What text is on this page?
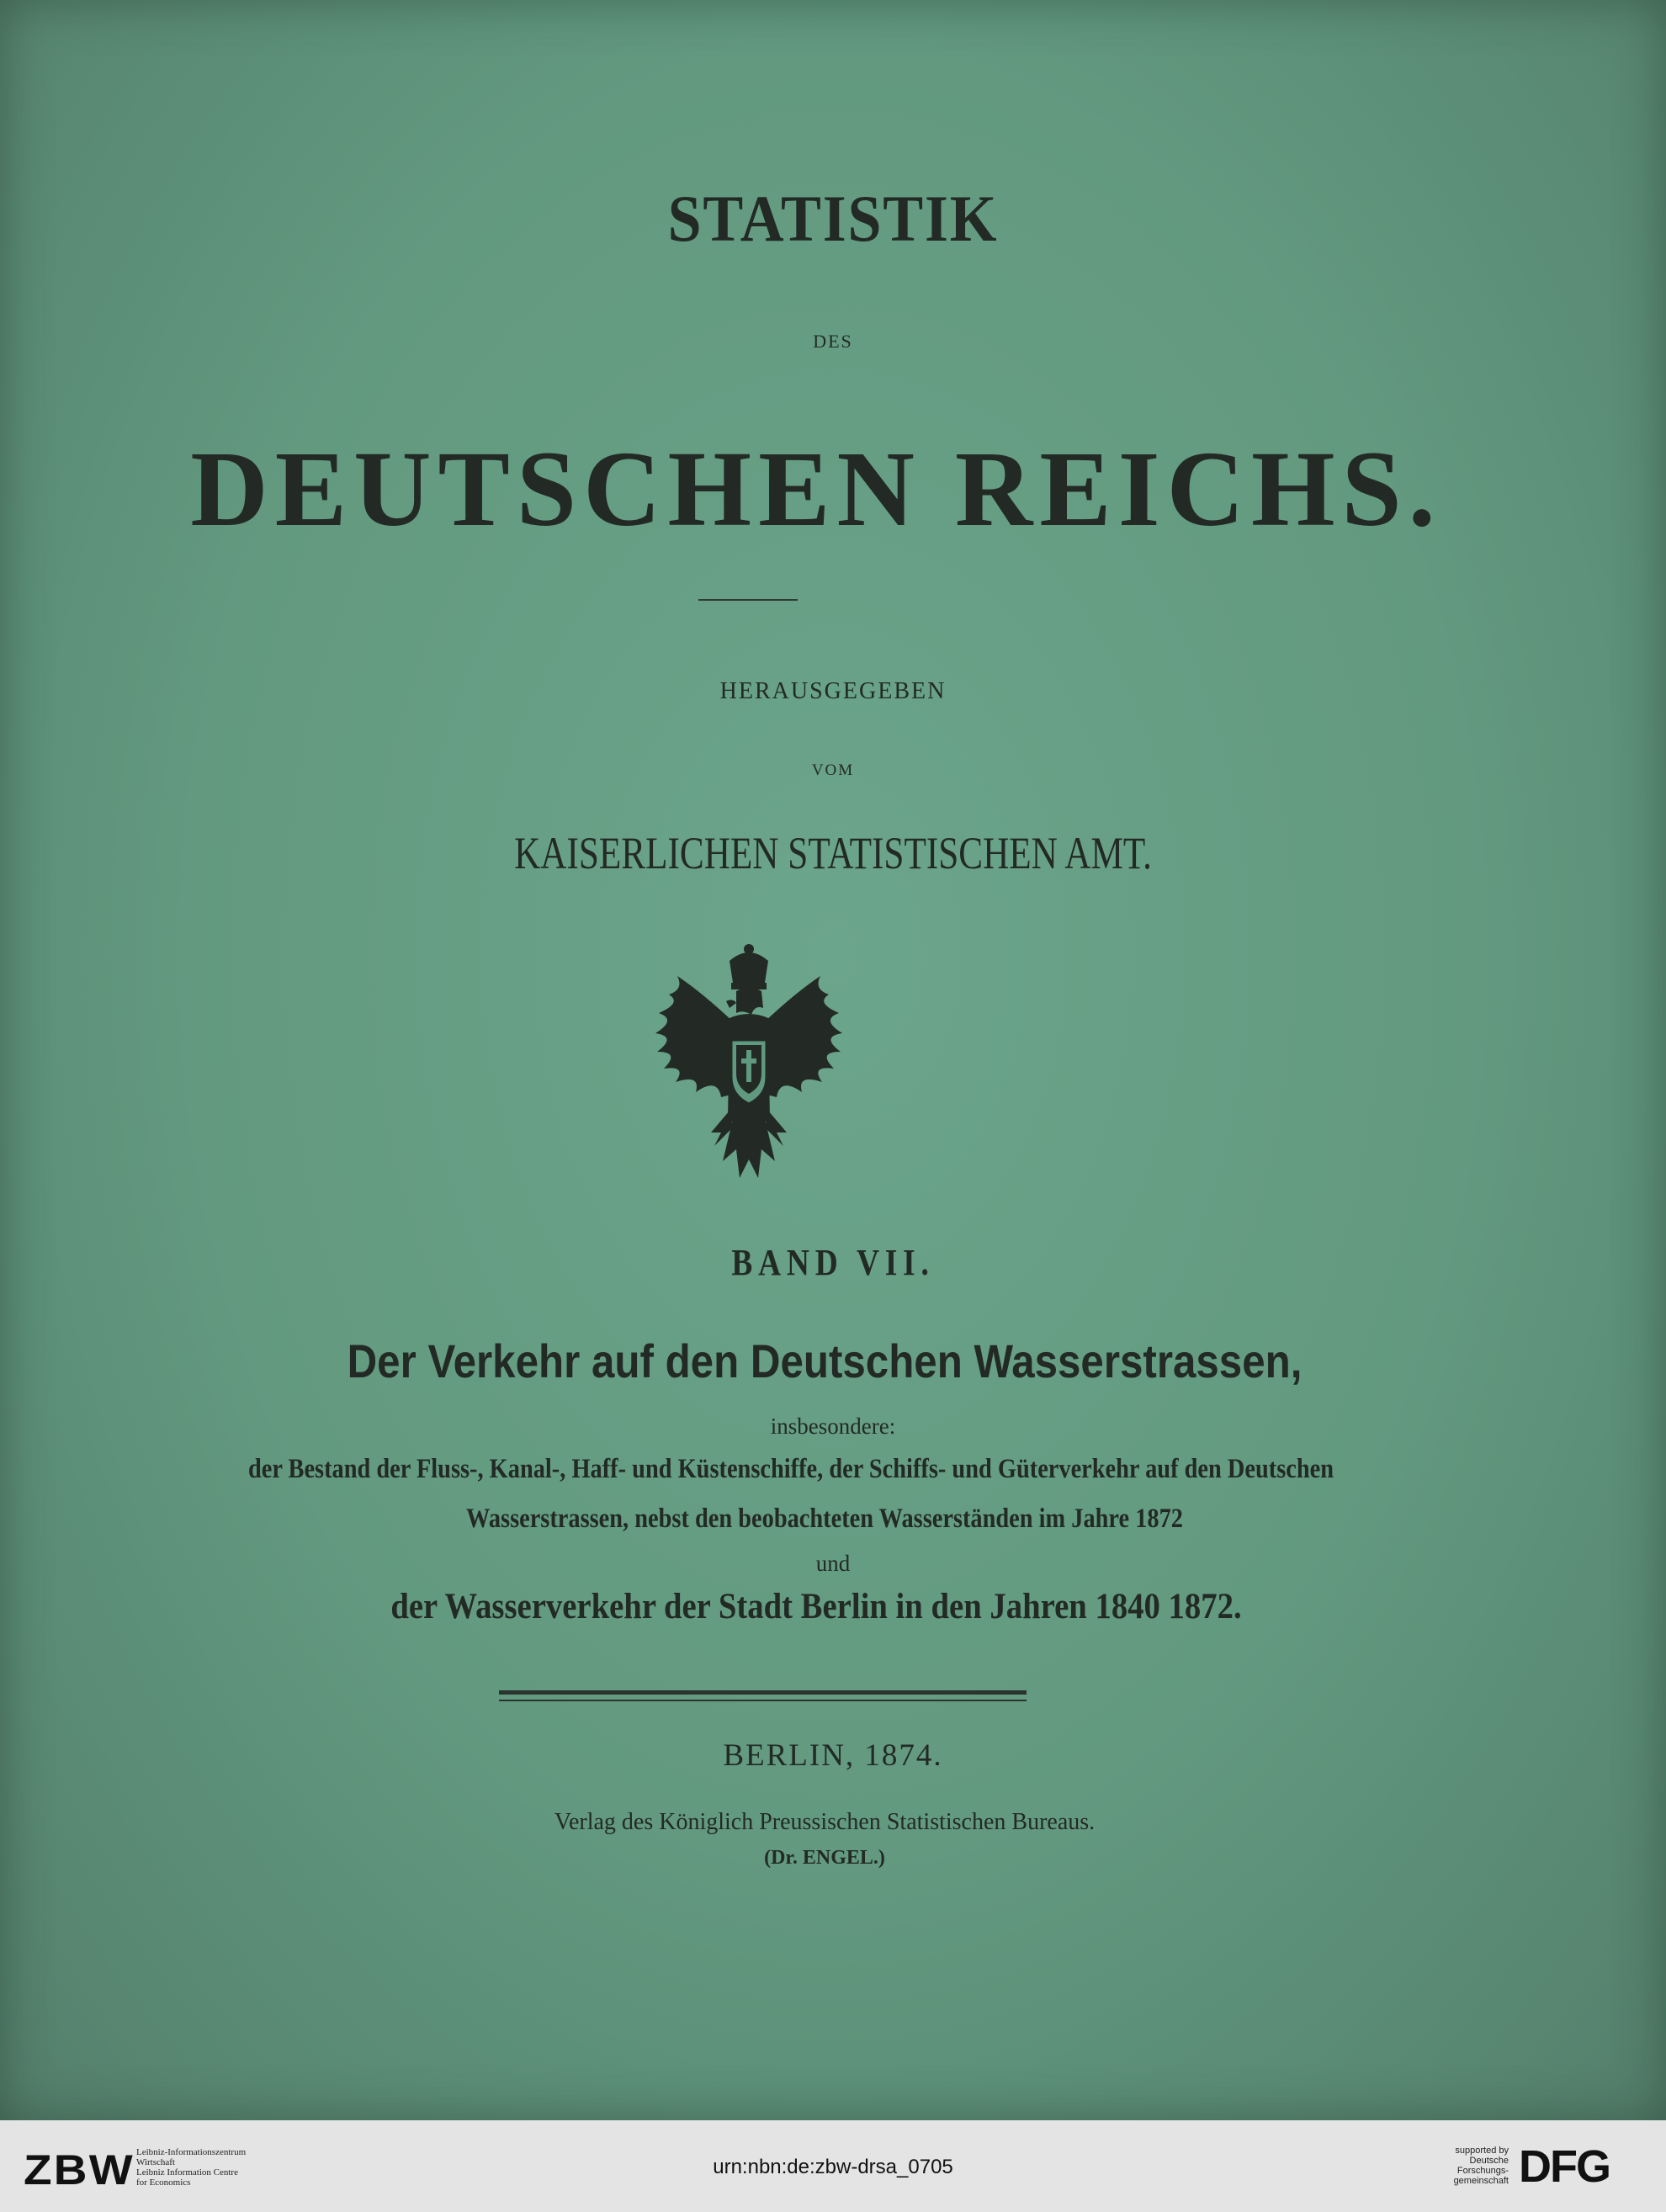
STATISTIK
DES
DEUTSCHEN REICHS.
HERAUSGEGEBEN
VOM
KAISERLICHEN STATISTISCHEN AMT.
BAND VII.
Der Verkehr auf den Deutschen Wasserstrassen,
insbesondere:
der Bestand der Fluss-, Kanal-, Haff- und Küstenschiffe, der Schiffs- und Güterverkehr auf den Deutschen
Wasserstrassen, nebst den beobachteten Wasserständen im Jahre 1872
und
der Wasserverkehr der Stadt Berlin in den Jahren 1840 1872.
BERLIN, 1874.
Verlag des Königlich Preussischen Statistischen Bureaus.
(Dr. ENGEL.)
ZBW Leibniz-Informationszentrum
Wirtschaft
Leibniz Information Centre
for Economics
urn:nbn:de:zbw-drsa_0705
supported by
Deutsche
Forschungs-
gemeinschaft DFG
